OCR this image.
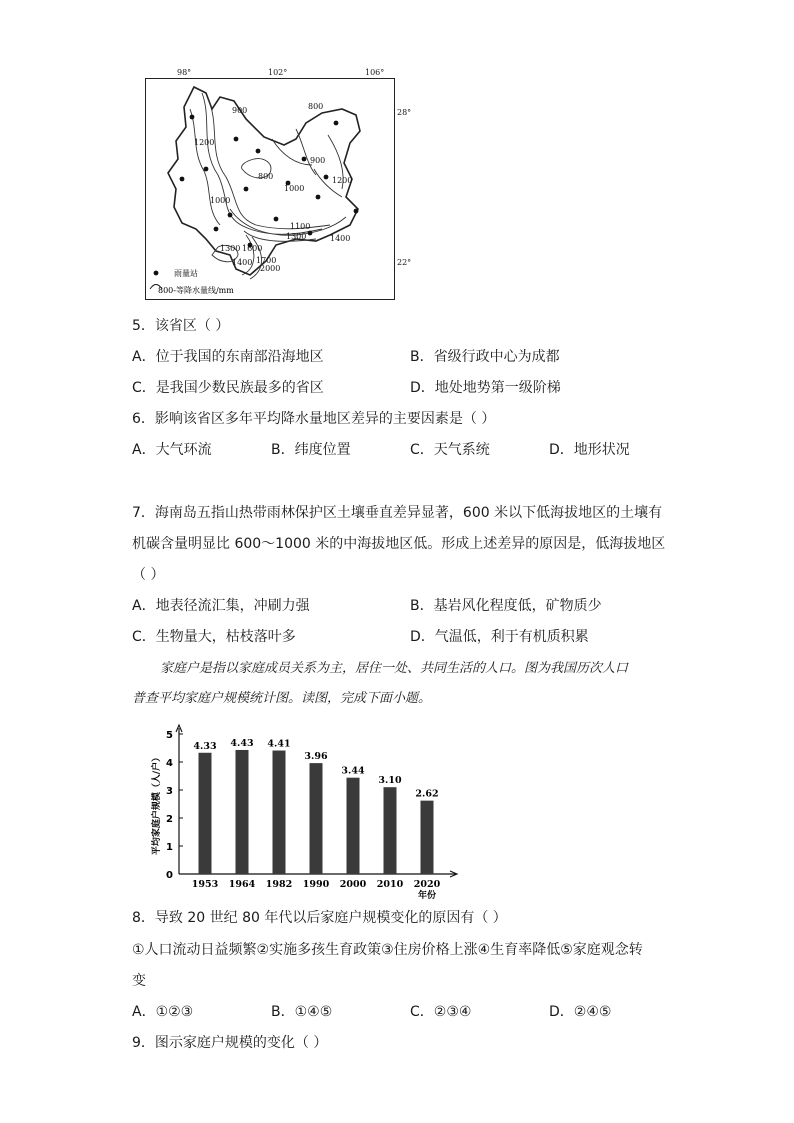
98°	102°	106°
28°
22°
900
1200
800
900
800
1000
1000
1200
1100
1300	1400
1600
1400 1700
2000
1300
雨量站
800-等降水量线/mm
5．该省区（ ）
A．位于我国的东南部沿海地区	B．省级行政中心为成都
C．是我国少数民族最多的省区	D．地处地势第一级阶梯
6．影响该省区多年平均降水量地区差异的主要因素是（ ）
A．大气环流	B．纬度位置	C．天气系统	D．地形状况
7．海南岛五指山热带雨林保护区土壤垂直差异显著，600 米以下低海拔地区的土壤有
机碳含量明显比 600～1000 米的中海拔地区低。形成上述差异的原因是，低海拔地区
（ ）
A．地表径流汇集，冲刷力强	B．基岩风化程度低，矿物质少
C．生物量大，枯枝落叶多	D．气温低，利于有机质积累
家庭户是指以家庭成员关系为主，居住一处、共同生活的人口。图为我国历次人口
普查平均家庭户规模统计图。读图，完成下面小题。
0
1
2
3
4
5
平均家庭户规模（人/户）
4.33
1953
4.43
1964
4.41
1982
3.96
1990
3.44
2000
3.10
2010
2.62
2020
年份
8．导致 20 世纪 80 年代以后家庭户规模变化的原因有（ ）
①人口流动日益频繁②实施多孩生育政策③住房价格上涨④生育率降低⑤家庭观念转
变
A．①②③	B．①④⑤	C．②③④	D．②④⑤
9．图示家庭户规模的变化（ ）
